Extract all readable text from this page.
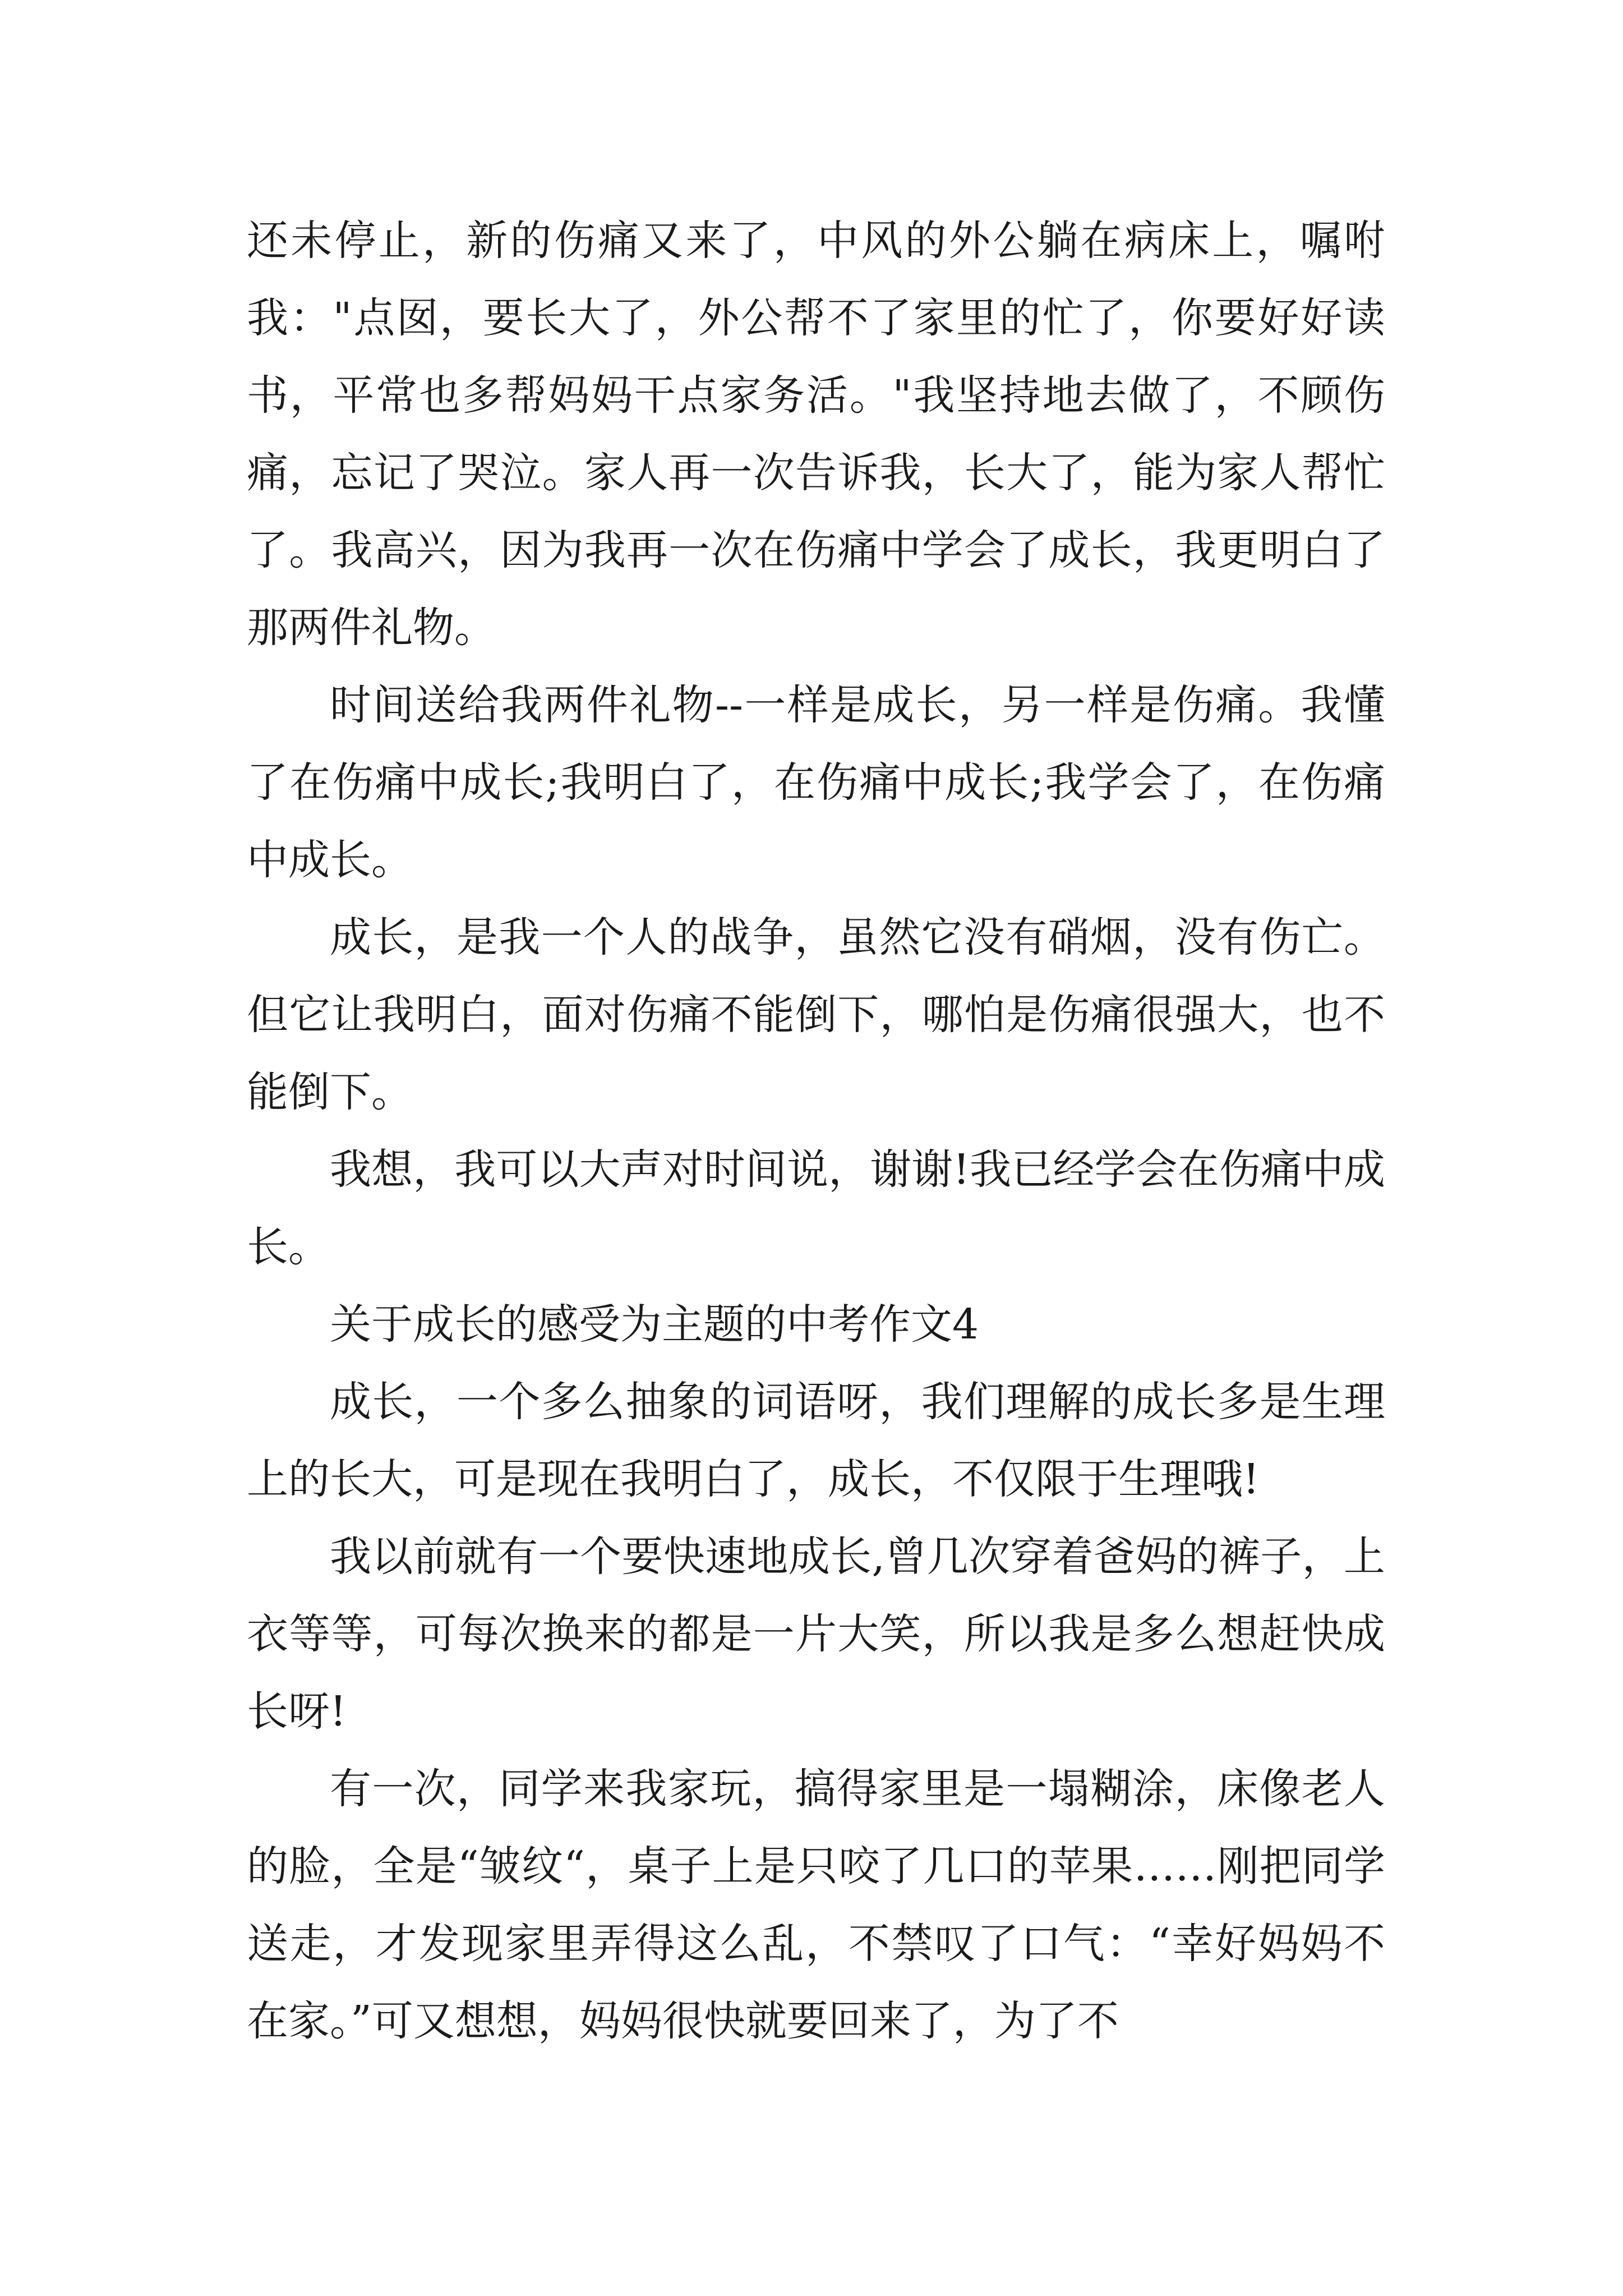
还未停止，新的伤痛又来了，中风的外公躺在病床上，嘱咐我："点囡，要长大了，外公帮不了家里的忙了，你要好好读书，平常也多帮妈妈干点家务活。"我坚持地去做了，不顾伤痛，忘记了哭泣。家人再一次告诉我，长大了，能为家人帮忙了。我高兴，因为我再一次在伤痛中学会了成长，我更明白了那两件礼物。

时间送给我两件礼物--一样是成长，另一样是伤痛。我懂了在伤痛中成长;我明白了，在伤痛中成长;我学会了，在伤痛中成长。

成长，是我一个人的战争，虽然它没有硝烟，没有伤亡。但它让我明白，面对伤痛不能倒下，哪怕是伤痛很强大，也不能倒下。

我想，我可以大声对时间说，谢谢!我已经学会在伤痛中成长。

关于成长的感受为主题的中考作文4

成长，一个多么抽象的词语呀，我们理解的成长多是生理上的长大，可是现在我明白了，成长，不仅限于生理哦!

我以前就有一个要快速地成长,曾几次穿着爸妈的裤子，上衣等等，可每次换来的都是一片大笑，所以我是多么想赶快成长呀!

有一次，同学来我家玩，搞得家里是一塌糊涂，床像老人的脸，全是“皱纹“，桌子上是只咬了几口的苹果……刚把同学送走，才发现家里弄得这么乱，不禁叹了口气：“幸好妈妈不在家。”可又想想，妈妈很快就要回来了，为了不
